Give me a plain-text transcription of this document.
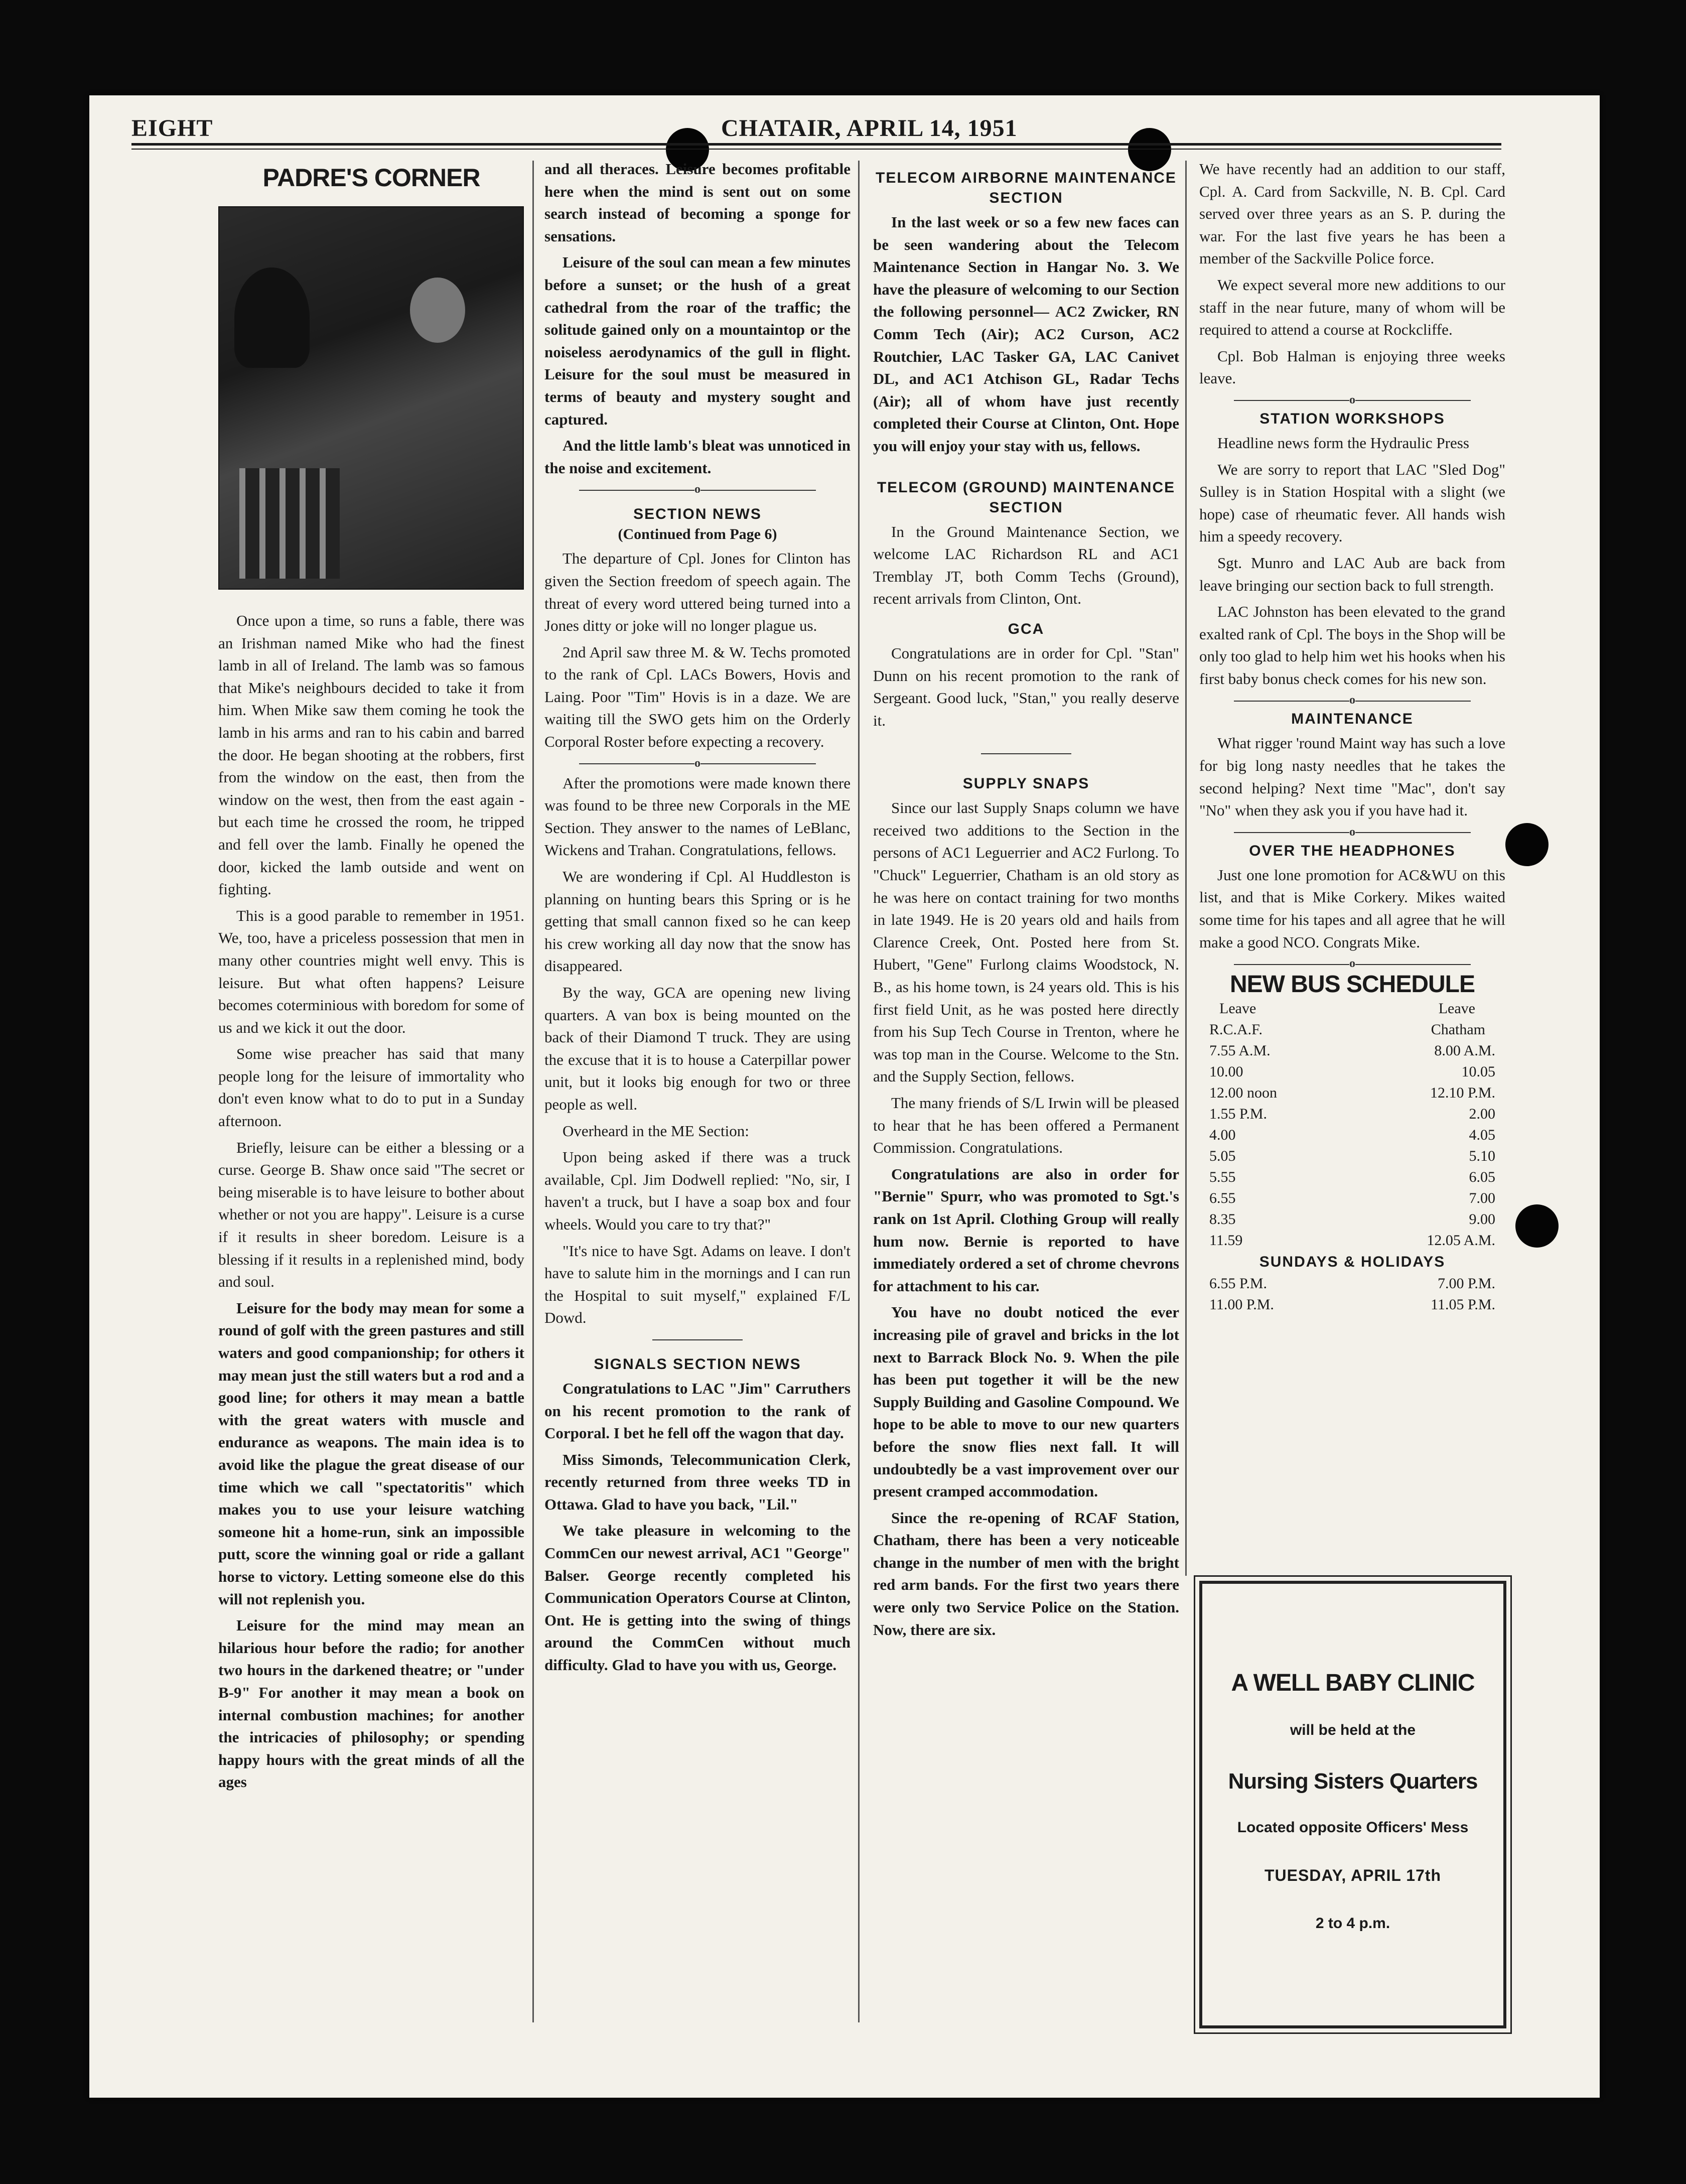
EIGHT	CHATAIR, APRIL 14, 1951
PADRE'S CORNER

Once upon a time, so runs a fable, there was an Irishman named Mike who had the finest lamb in all of Ireland. The lamb was so famous that Mike's neighbours decided to take it from him. When Mike saw them coming he took the lamb in his arms and ran to his cabin and barred the door. He began shooting at the robbers, first from the window on the east, then from the window on the west, then from the east again - but each time he crossed the room, he tripped and fell over the lamb. Finally he opened the door, kicked the lamb outside and went on fighting.

This is a good parable to remember in 1951. We, too, have a priceless possession that men in many other countries might well envy. This is leisure. But what often happens? Leisure becomes coterminious with boredom for some of us and we kick it out the door.

Some wise preacher has said that many people long for the leisure of immortality who don't even know what to do to put in a Sunday afternoon.

Briefly, leisure can be either a blessing or a curse. George B. Shaw once said "The secret or being miserable is to have leisure to bother about whether or not you are happy". Leisure is a curse if it results in sheer boredom. Leisure is a blessing if it results in a replenished mind, body and soul.

Leisure for the body may mean for some a round of golf with the green pastures and still waters and good companionship; for others it may mean just the still waters but a rod and a good line; for others it may mean a battle with the great waters with muscle and endurance as weapons. The main idea is to avoid like the plague the great disease of our time which we call "spectatoritis" which makes you to use your leisure watching someone hit a home-run, sink an impossible putt, score the winning goal or ride a gallant horse to victory. Letting someone else do this will not replenish you.

Leisure for the mind may mean an hilarious hour before the radio; for another two hours in the darkened theatre; or "under B-9" For another it may mean a book on internal combustion machines; for another the intricacies of philosophy; or spending happy hours with the great minds of all the ages

and all theraces. Leisure becomes profitable here when the mind is sent out on some search instead of becoming a sponge for sensations.

Leisure of the soul can mean a few minutes before a sunset; or the hush of a great cathedral from the roar of the traffic; the solitude gained only on a mountaintop or the noiseless aerodynamics of the gull in flight. Leisure for the soul must be measured in terms of beauty and mystery sought and captured.

And the little lamb's bleat was unnoticed in the noise and excitement.

o
SECTION NEWS
(Continued from Page 6)

The departure of Cpl. Jones for Clinton has given the Section freedom of speech again. The threat of every word uttered being turned into a Jones ditty or joke will no longer plague us.

2nd April saw three M. & W. Techs promoted to the rank of Cpl. LACs Bowers, Hovis and Laing. Poor "Tim" Hovis is in a daze. We are waiting till the SWO gets him on the Orderly Corporal Roster before expecting a recovery.

o

After the promotions were made known there was found to be three new Corporals in the ME Section. They answer to the names of LeBlanc, Wickens and Trahan. Congratulations, fellows.

We are wondering if Cpl. Al Huddleston is planning on hunting bears this Spring or is he getting that small cannon fixed so he can keep his crew working all day now that the snow has disappeared.

By the way, GCA are opening new living quarters. A van box is being mounted on the back of their Diamond T truck. They are using the excuse that it is to house a Caterpillar power unit, but it looks big enough for two or three people as well.

Overheard in the ME Section:

Upon being asked if there was a truck available, Cpl. Jim Dodwell replied: "No, sir, I haven't a truck, but I have a soap box and four wheels. Would you care to try that?"

"It's nice to have Sgt. Adams on leave. I don't have to salute him in the mornings and I can run the Hospital to suit myself," explained F/L Dowd.

SIGNALS SECTION NEWS

Congratulations to LAC "Jim" Carruthers on his recent promotion to the rank of Corporal. I bet he fell off the wagon that day.

Miss Simonds, Telecommunication Clerk, recently returned from three weeks TD in Ottawa. Glad to have you back, "Lil."

We take pleasure in welcoming to the CommCen our newest arrival, AC1 "George" Balser. George recently completed his Communication Operators Course at Clinton, Ont. He is getting into the swing of things around the CommCen without much difficulty. Glad to have you with us, George.

TELECOM AIRBORNE MAINTENANCE SECTION

In the last week or so a few new faces can be seen wandering about the Telecom Maintenance Section in Hangar No. 3. We have the pleasure of welcoming to our Section the following personnel— AC2 Zwicker, RN Comm Tech (Air); AC2 Curson, AC2 Routchier, LAC Tasker GA, LAC Canivet DL, and AC1 Atchison GL, Radar Techs (Air); all of whom have just recently completed their Course at Clinton, Ont. Hope you will enjoy your stay with us, fellows.

TELECOM (GROUND) MAINTENANCE SECTION

In the Ground Maintenance Section, we welcome LAC Richardson RL and AC1 Tremblay JT, both Comm Techs (Ground), recent arrivals from Clinton, Ont.

GCA

Congratulations are in order for Cpl. "Stan" Dunn on his recent promotion to the rank of Sergeant. Good luck, "Stan," you really deserve it.

SUPPLY SNAPS

Since our last Supply Snaps column we have received two additions to the Section in the persons of AC1 Leguerrier and AC2 Furlong. To "Chuck" Leguerrier, Chatham is an old story as he was here on contact training for two months in late 1949. He is 20 years old and hails from Clarence Creek, Ont. Posted here from St. Hubert, "Gene" Furlong claims Woodstock, N. B., as his home town, is 24 years old. This is his first field Unit, as he was posted here directly from his Sup Tech Course in Trenton, where he was top man in the Course. Welcome to the Stn. and the Supply Section, fellows.

The many friends of S/L Irwin will be pleased to hear that he has been offered a Permanent Commission. Congratulations.

Congratulations are also in order for "Bernie" Spurr, who was promoted to Sgt.'s rank on 1st April. Clothing Group will really hum now. Bernie is reported to have immediately ordered a set of chrome chevrons for attachment to his car.

You have no doubt noticed the ever increasing pile of gravel and bricks in the lot next to Barrack Block No. 9. When the pile has been put together it will be the new Supply Building and Gasoline Compound. We hope to be able to move to our new quarters before the snow flies next fall. It will undoubtedly be a vast improvement over our present cramped accommodation.

Since the re-opening of RCAF Station, Chatham, there has been a very noticeable change in the number of men with the bright red arm bands. For the first two years there were only two Service Police on the Station. Now, there are six.

We have recently had an addition to our staff, Cpl. A. Card from Sackville, N. B. Cpl. Card served over three years as an S. P. during the war. For the last five years he has been a member of the Sackville Police force.

We expect several more new additions to our staff in the near future, many of whom will be required to attend a course at Rockcliffe.

Cpl. Bob Halman is enjoying three weeks leave.

o
STATION WORKSHOPS

Headline news form the Hydraulic Press

We are sorry to report that LAC "Sled Dog" Sulley is in Station Hospital with a slight (we hope) case of rheumatic fever. All hands wish him a speedy recovery.

Sgt. Munro and LAC Aub are back from leave bringing our section back to full strength.

LAC Johnston has been elevated to the grand exalted rank of Cpl. The boys in the Shop will be only too glad to help him wet his hooks when his first baby bonus check comes for his new son.

o
MAINTENANCE

What rigger 'round Maint way has such a love for big long nasty needles that he takes the second helping? Next time "Mac", don't say "No" when they ask you if you have had it.

o
OVER THE HEADPHONES

Just one lone promotion for AC&WU on this list, and that is Mike Corkery. Mikes waited some time for his tapes and all agree that he will make a good NCO. Congrats Mike.

o
NEW BUS SCHEDULE
Leave	Leave
R.C.A.F.	Chatham
7.55 A.M.	8.00 A.M.
10.00	10.05
12.00 noon	12.10 P.M.
1.55 P.M.	2.00
4.00	4.05
5.05	5.10
5.55	6.05
6.55	7.00
8.35	9.00
11.59	12.05 A.M.
SUNDAYS & HOLIDAYS
6.55 P.M.	7.00 P.M.
11.00 P.M.	11.05 P.M.
A WELL BABY CLINIC
will be held at the
Nursing Sisters Quarters
Located opposite Officers' Mess
TUESDAY, APRIL 17th
2 to 4 p.m.
